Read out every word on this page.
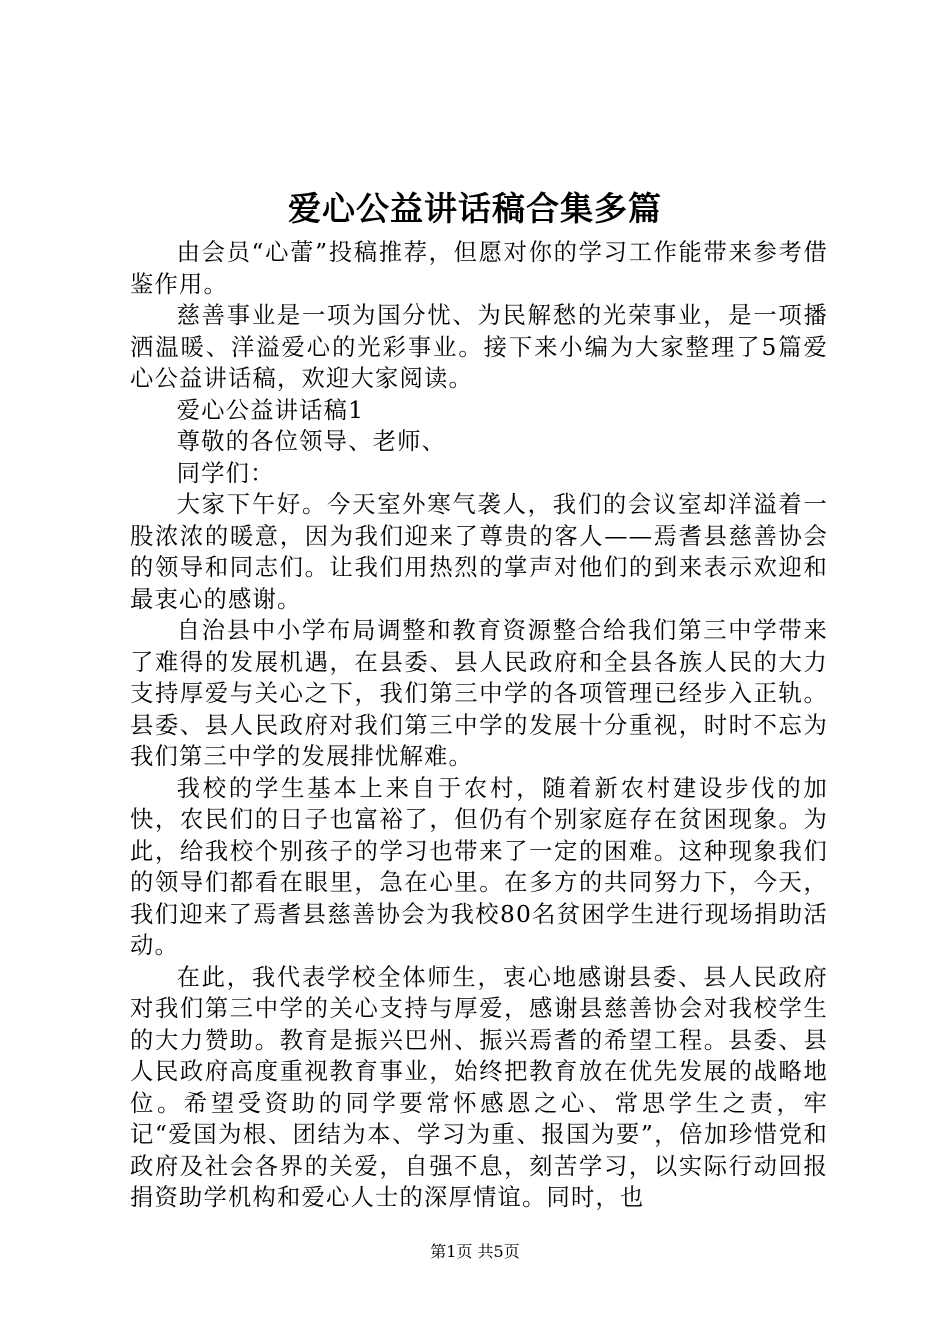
爱心公益讲话稿合集多篇

由会员“心蕾”投稿推荐，但愿对你的学习工作能带来参考借鉴作用。

慈善事业是一项为国分忧、为民解愁的光荣事业，是一项播洒温暖、洋溢爱心的光彩事业。接下来小编为大家整理了5篇爱心公益讲话稿，欢迎大家阅读。

爱心公益讲话稿1

尊敬的各位领导、老师、

同学们：

大家下午好。今天室外寒气袭人，我们的会议室却洋溢着一股浓浓的暖意，因为我们迎来了尊贵的客人——焉耆县慈善协会的领导和同志们。让我们用热烈的掌声对他们的到来表示欢迎和最衷心的感谢。

自治县中小学布局调整和教育资源整合给我们第三中学带来了难得的发展机遇，在县委、县人民政府和全县各族人民的大力支持厚爱与关心之下，我们第三中学的各项管理已经步入正轨。县委、县人民政府对我们第三中学的发展十分重视，时时不忘为我们第三中学的发展排忧解难。

我校的学生基本上来自于农村，随着新农村建设步伐的加快，农民们的日子也富裕了，但仍有个别家庭存在贫困现象。为此，给我校个别孩子的学习也带来了一定的困难。这种现象我们的领导们都看在眼里，急在心里。在多方的共同努力下，今天，我们迎来了焉耆县慈善协会为我校80名贫困学生进行现场捐助活动。

在此，我代表学校全体师生，衷心地感谢县委、县人民政府对我们第三中学的关心支持与厚爱，感谢县慈善协会对我校学生的大力赞助。教育是振兴巴州、振兴焉耆的希望工程。县委、县人民政府高度重视教育事业，始终把教育放在优先发展的战略地位。希望受资助的同学要常怀感恩之心、常思学生之责，牢记“爱国为根、团结为本、学习为重、报国为要”，倍加珍惜党和政府及社会各界的关爱，自强不息，刻苦学习，以实际行动回报捐资助学机构和爱心人士的深厚情谊。同时，也

第1页 共5页
